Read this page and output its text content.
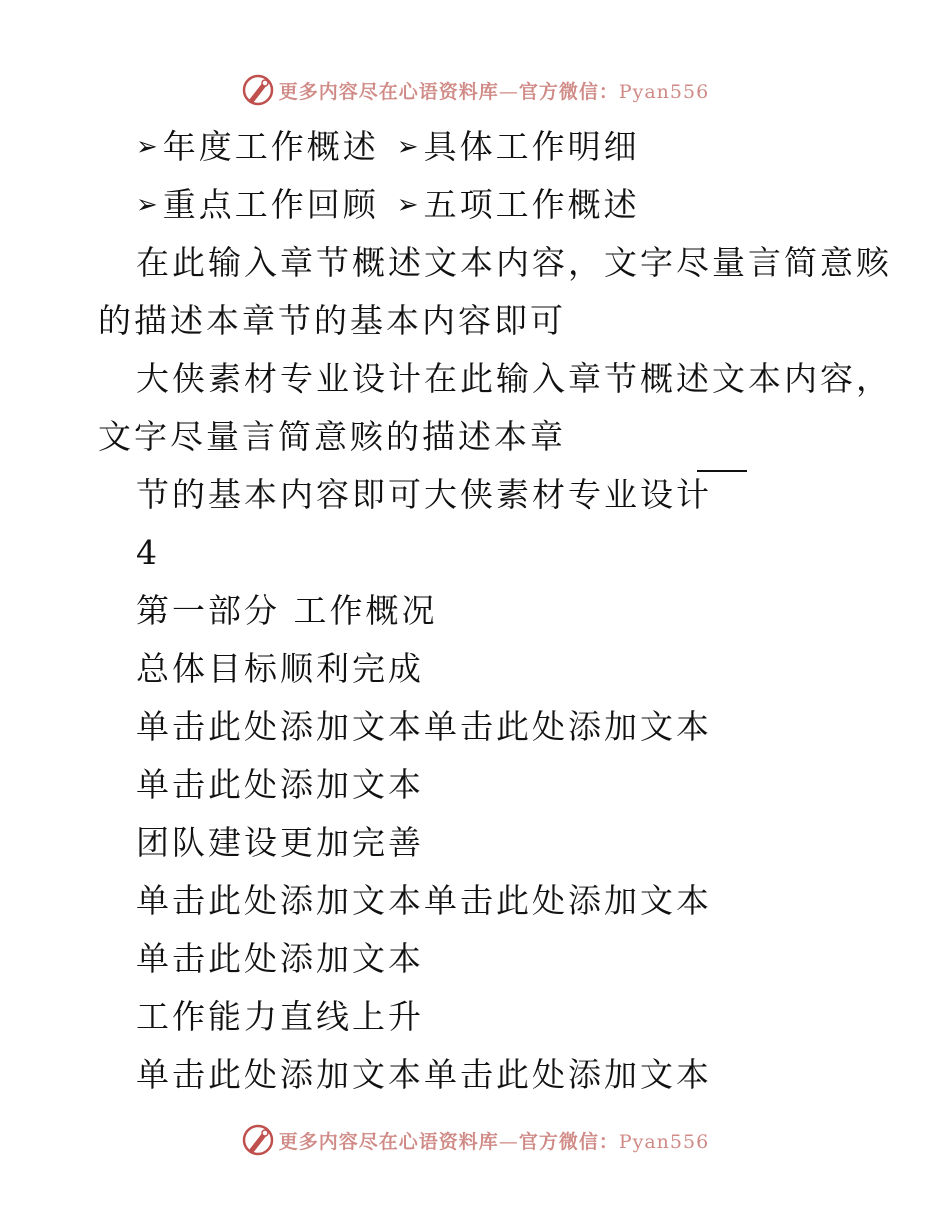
更多内容尽在心语资料库—官方微信：Pyan556
➢年度工作概述 ➢具体工作明细
➢重点工作回顾 ➢五项工作概述
在此输入章节概述文本内容，文字尽量言简意赅
的描述本章节的基本内容即可
大侠素材专业设计在此输入章节概述文本内容，
文字尽量言简意赅的描述本章
节的基本内容即可大侠素材专业设计
4
第一部分 工作概况
总体目标顺利完成
单击此处添加文本单击此处添加文本
单击此处添加文本
团队建设更加完善
单击此处添加文本单击此处添加文本
单击此处添加文本
工作能力直线上升
单击此处添加文本单击此处添加文本
更多内容尽在心语资料库—官方微信：Pyan556
